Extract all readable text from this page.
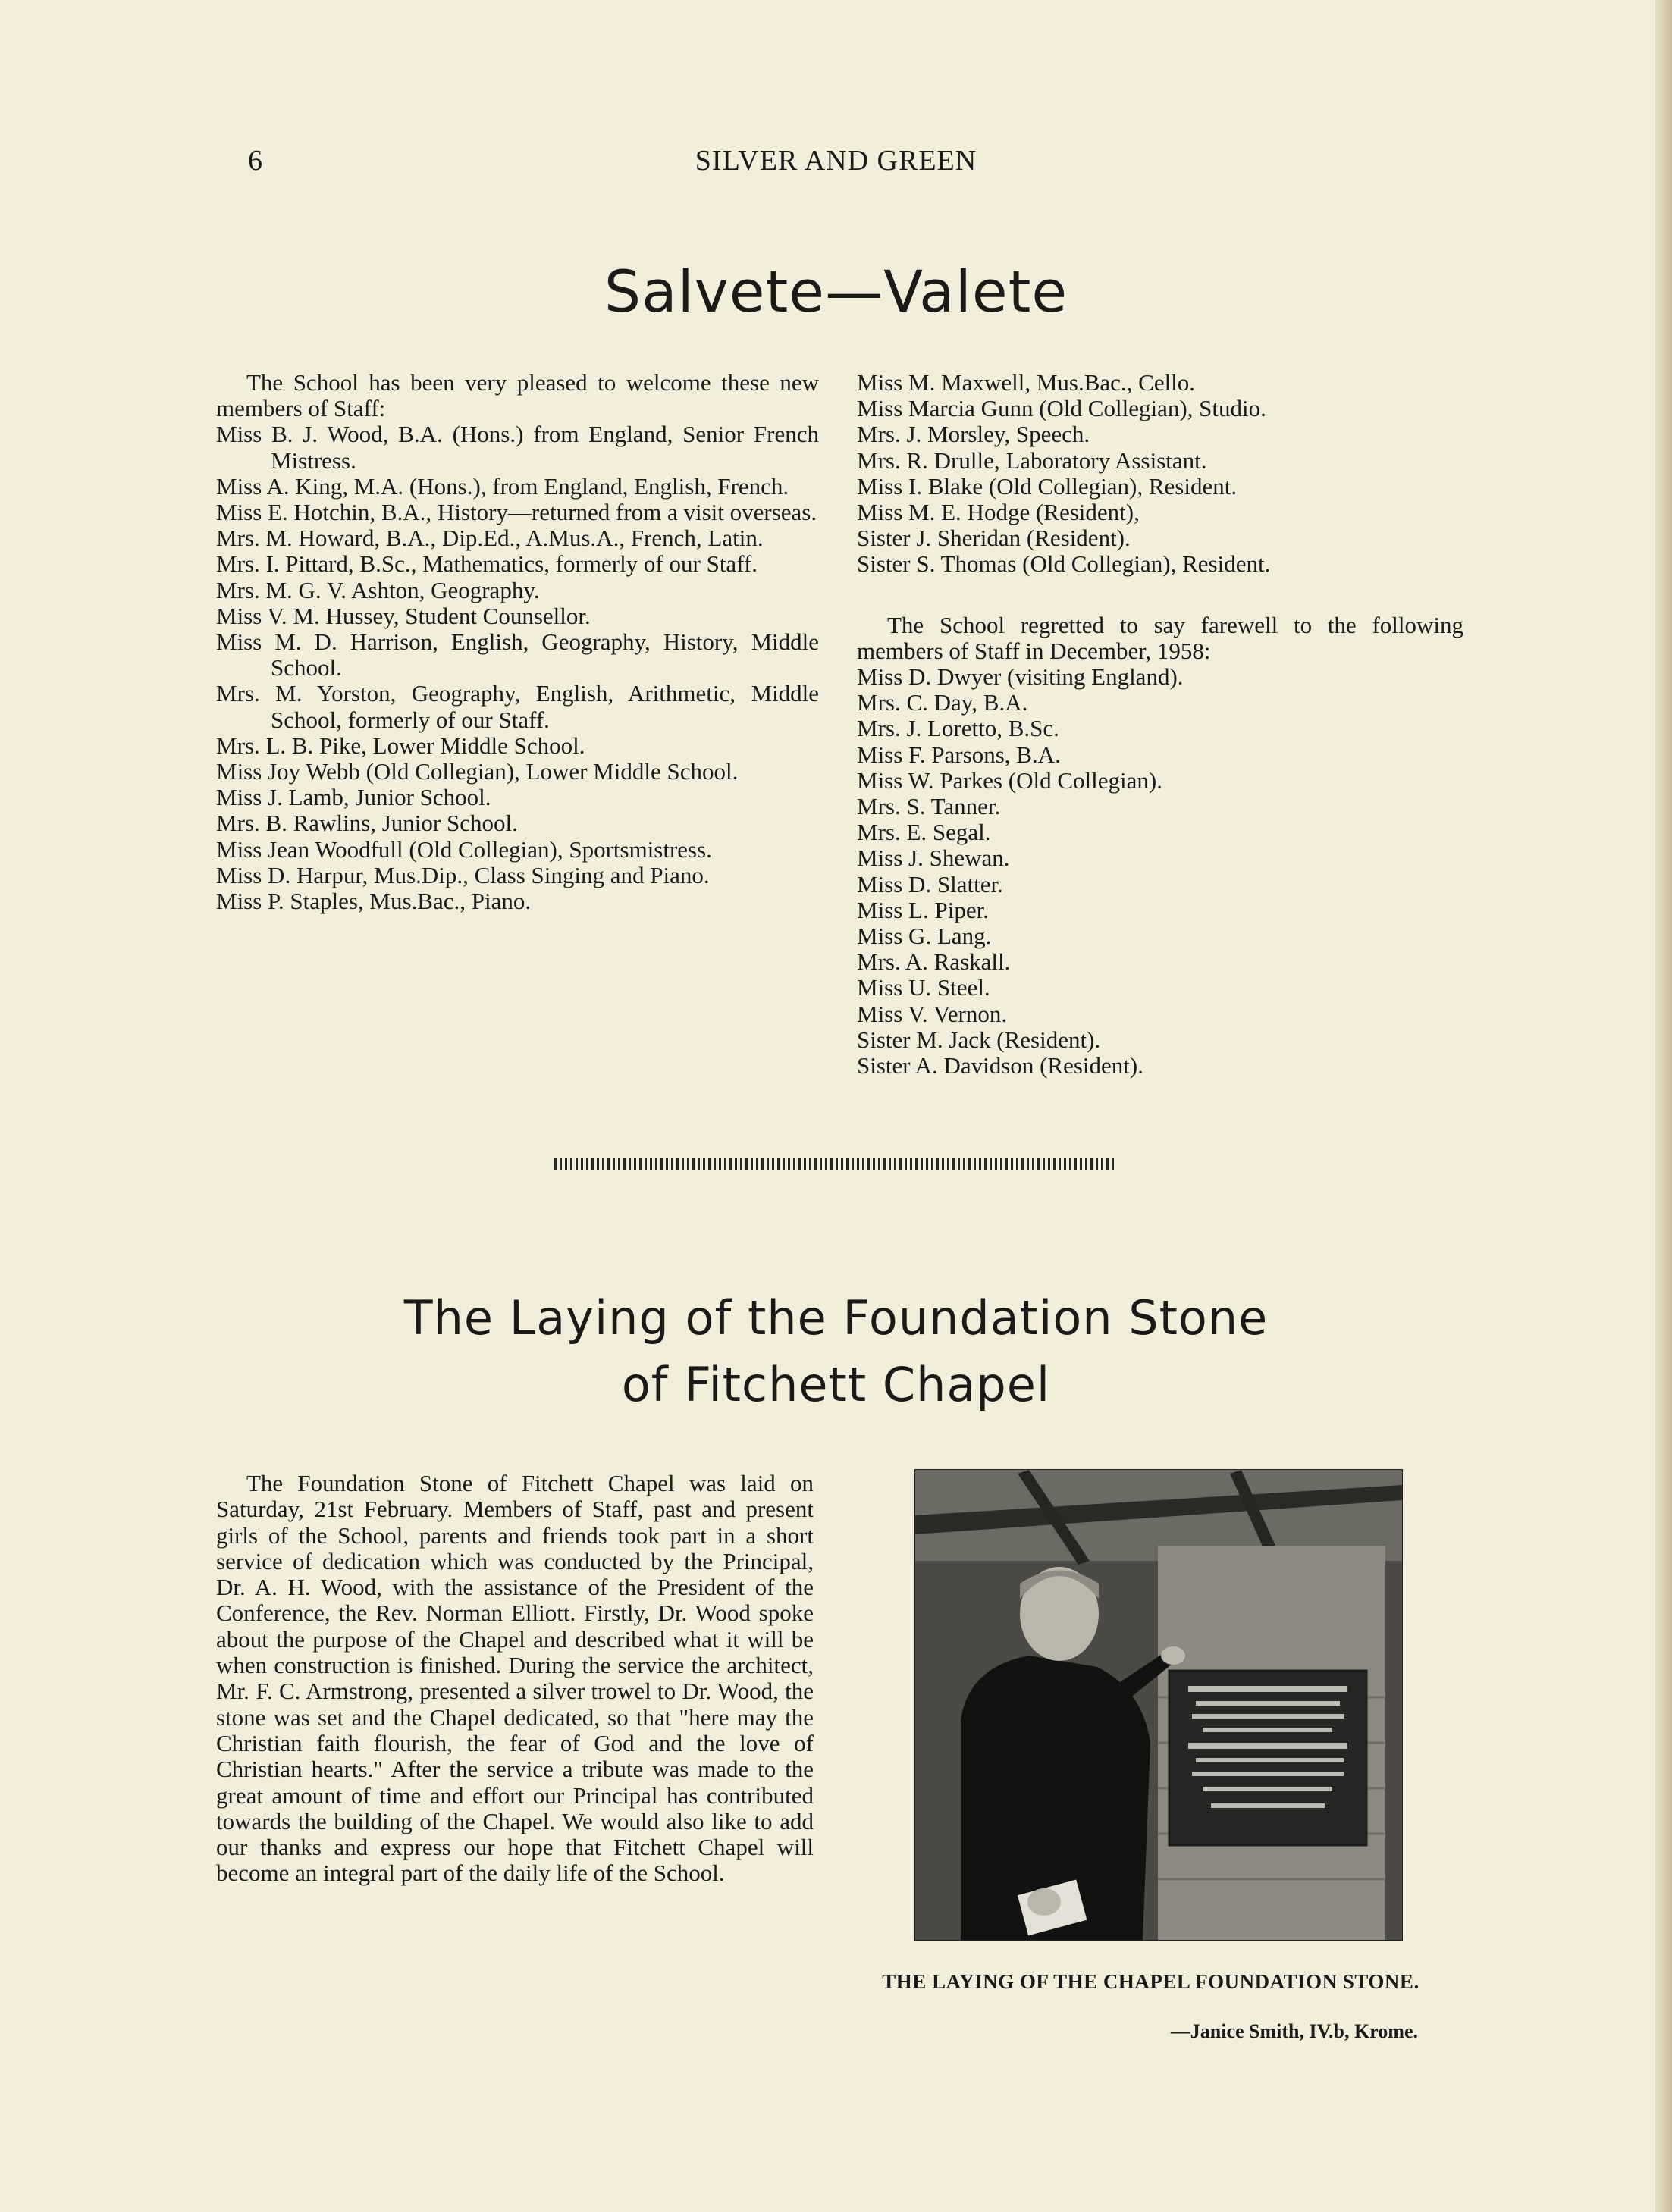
6	SILVER AND GREEN
Salvete—Valete

The School has been very pleased to welcome these new members of Staff:

Miss B. J. Wood, B.A. (Hons.) from England, Senior French Mistress.
Miss A. King, M.A. (Hons.), from England, English, French.
Miss E. Hotchin, B.A., History—returned from a visit overseas.
Mrs. M. Howard, B.A., Dip.Ed., A.Mus.A., French, Latin.
Mrs. I. Pittard, B.Sc., Mathematics, formerly of our Staff.
Mrs. M. G. V. Ashton, Geography.
Miss V. M. Hussey, Student Counsellor.
Miss M. D. Harrison, English, Geography, History, Middle School.
Mrs. M. Yorston, Geography, English, Arithmetic, Middle School, formerly of our Staff.
Mrs. L. B. Pike, Lower Middle School.
Miss Joy Webb (Old Collegian), Lower Middle School.
Miss J. Lamb, Junior School.
Mrs. B. Rawlins, Junior School.
Miss Jean Woodfull (Old Collegian), Sportsmistress.
Miss D. Harpur, Mus.Dip., Class Singing and Piano.
Miss P. Staples, Mus.Bac., Piano.
Miss M. Maxwell, Mus.Bac., Cello.
Miss Marcia Gunn (Old Collegian), Studio.
Mrs. J. Morsley, Speech.
Mrs. R. Drulle, Laboratory Assistant.
Miss I. Blake (Old Collegian), Resident.
Miss M. E. Hodge (Resident),
Sister J. Sheridan (Resident).
Sister S. Thomas (Old Collegian), Resident.

The School regretted to say farewell to the following members of Staff in December, 1958:

Miss D. Dwyer (visiting England).
Mrs. C. Day, B.A.
Mrs. J. Loretto, B.Sc.
Miss F. Parsons, B.A.
Miss W. Parkes (Old Collegian).
Mrs. S. Tanner.
Mrs. E. Segal.
Miss J. Shewan.
Miss D. Slatter.
Miss L. Piper.
Miss G. Lang.
Mrs. A. Raskall.
Miss U. Steel.
Miss V. Vernon.
Sister M. Jack (Resident).
Sister A. Davidson (Resident).
The Laying of the Foundation Stone
of Fitchett Chapel

The Foundation Stone of Fitchett Chapel was laid on Saturday, 21st February. Members of Staff, past and present girls of the School, parents and friends took part in a short service of dedication which was conducted by the Principal, Dr. A. H. Wood, with the assistance of the President of the Conference, the Rev. Norman Elliott. Firstly, Dr. Wood spoke about the purpose of the Chapel and described what it will be when construction is finished. During the service the architect, Mr. F. C. Armstrong, presented a silver trowel to Dr. Wood, the stone was set and the Chapel dedicated, so that "here may the Christian faith flourish, the fear of God and the love of Christian hearts." After the service a tribute was made to the great amount of time and effort our Principal has contributed towards the building of the Chapel. We would also like to add our thanks and express our hope that Fitchett Chapel will become an integral part of the daily life of the School.

THE LAYING OF THE CHAPEL FOUNDATION STONE.
—Janice Smith, IV.b, Krome.
